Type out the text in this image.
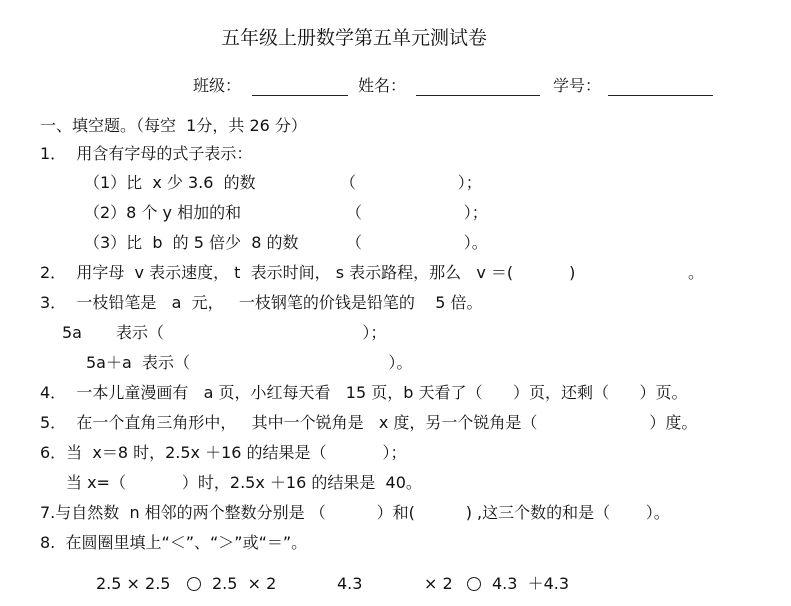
五年级上册数学第五单元测试卷
班级：	姓名：	学号：
一、填空题。（每空  1分，共 26 分）
1．  用含有字母的式子表示：
（1）比  x 少 3.6  的数	（                    ）；
（2）8 个 y 相加的和	（                    ）；
（3）比  b  的 5 倍少  8 的数	（                    ）。
2．  用字母  v 表示速度， t  表示时间， s 表示路程，那么   v ＝(           )	。
3．  一枝铅笔是   a  元，   一枝钢笔的价钱是铅笔的    5 倍。
5a 表示（                                       ）；
5a＋a  表示（                                       ）。
4．  一本儿童漫画有   a 页，小红每天看   15 页，b 天看了（      ）页，还剩（      ）页。
5．  在一个直角三角形中，   其中一个锐角是   x 度，另一个锐角是（                      ）度。
6．当  x＝8 时，2.5x ＋16 的结果是（           ）；
当 x=（           ）时，2.5x ＋16 的结果是  40。
7.与自然数  n 相邻的两个整数分别是 （          ）和(          ) ,这三个数的和是（       ）。
8.  在圆圈里填上“＜”、“＞”或“＝”。
2.5 × 2.5	2.5  × 2	4.3	× 2 4.3  ＋4.3
